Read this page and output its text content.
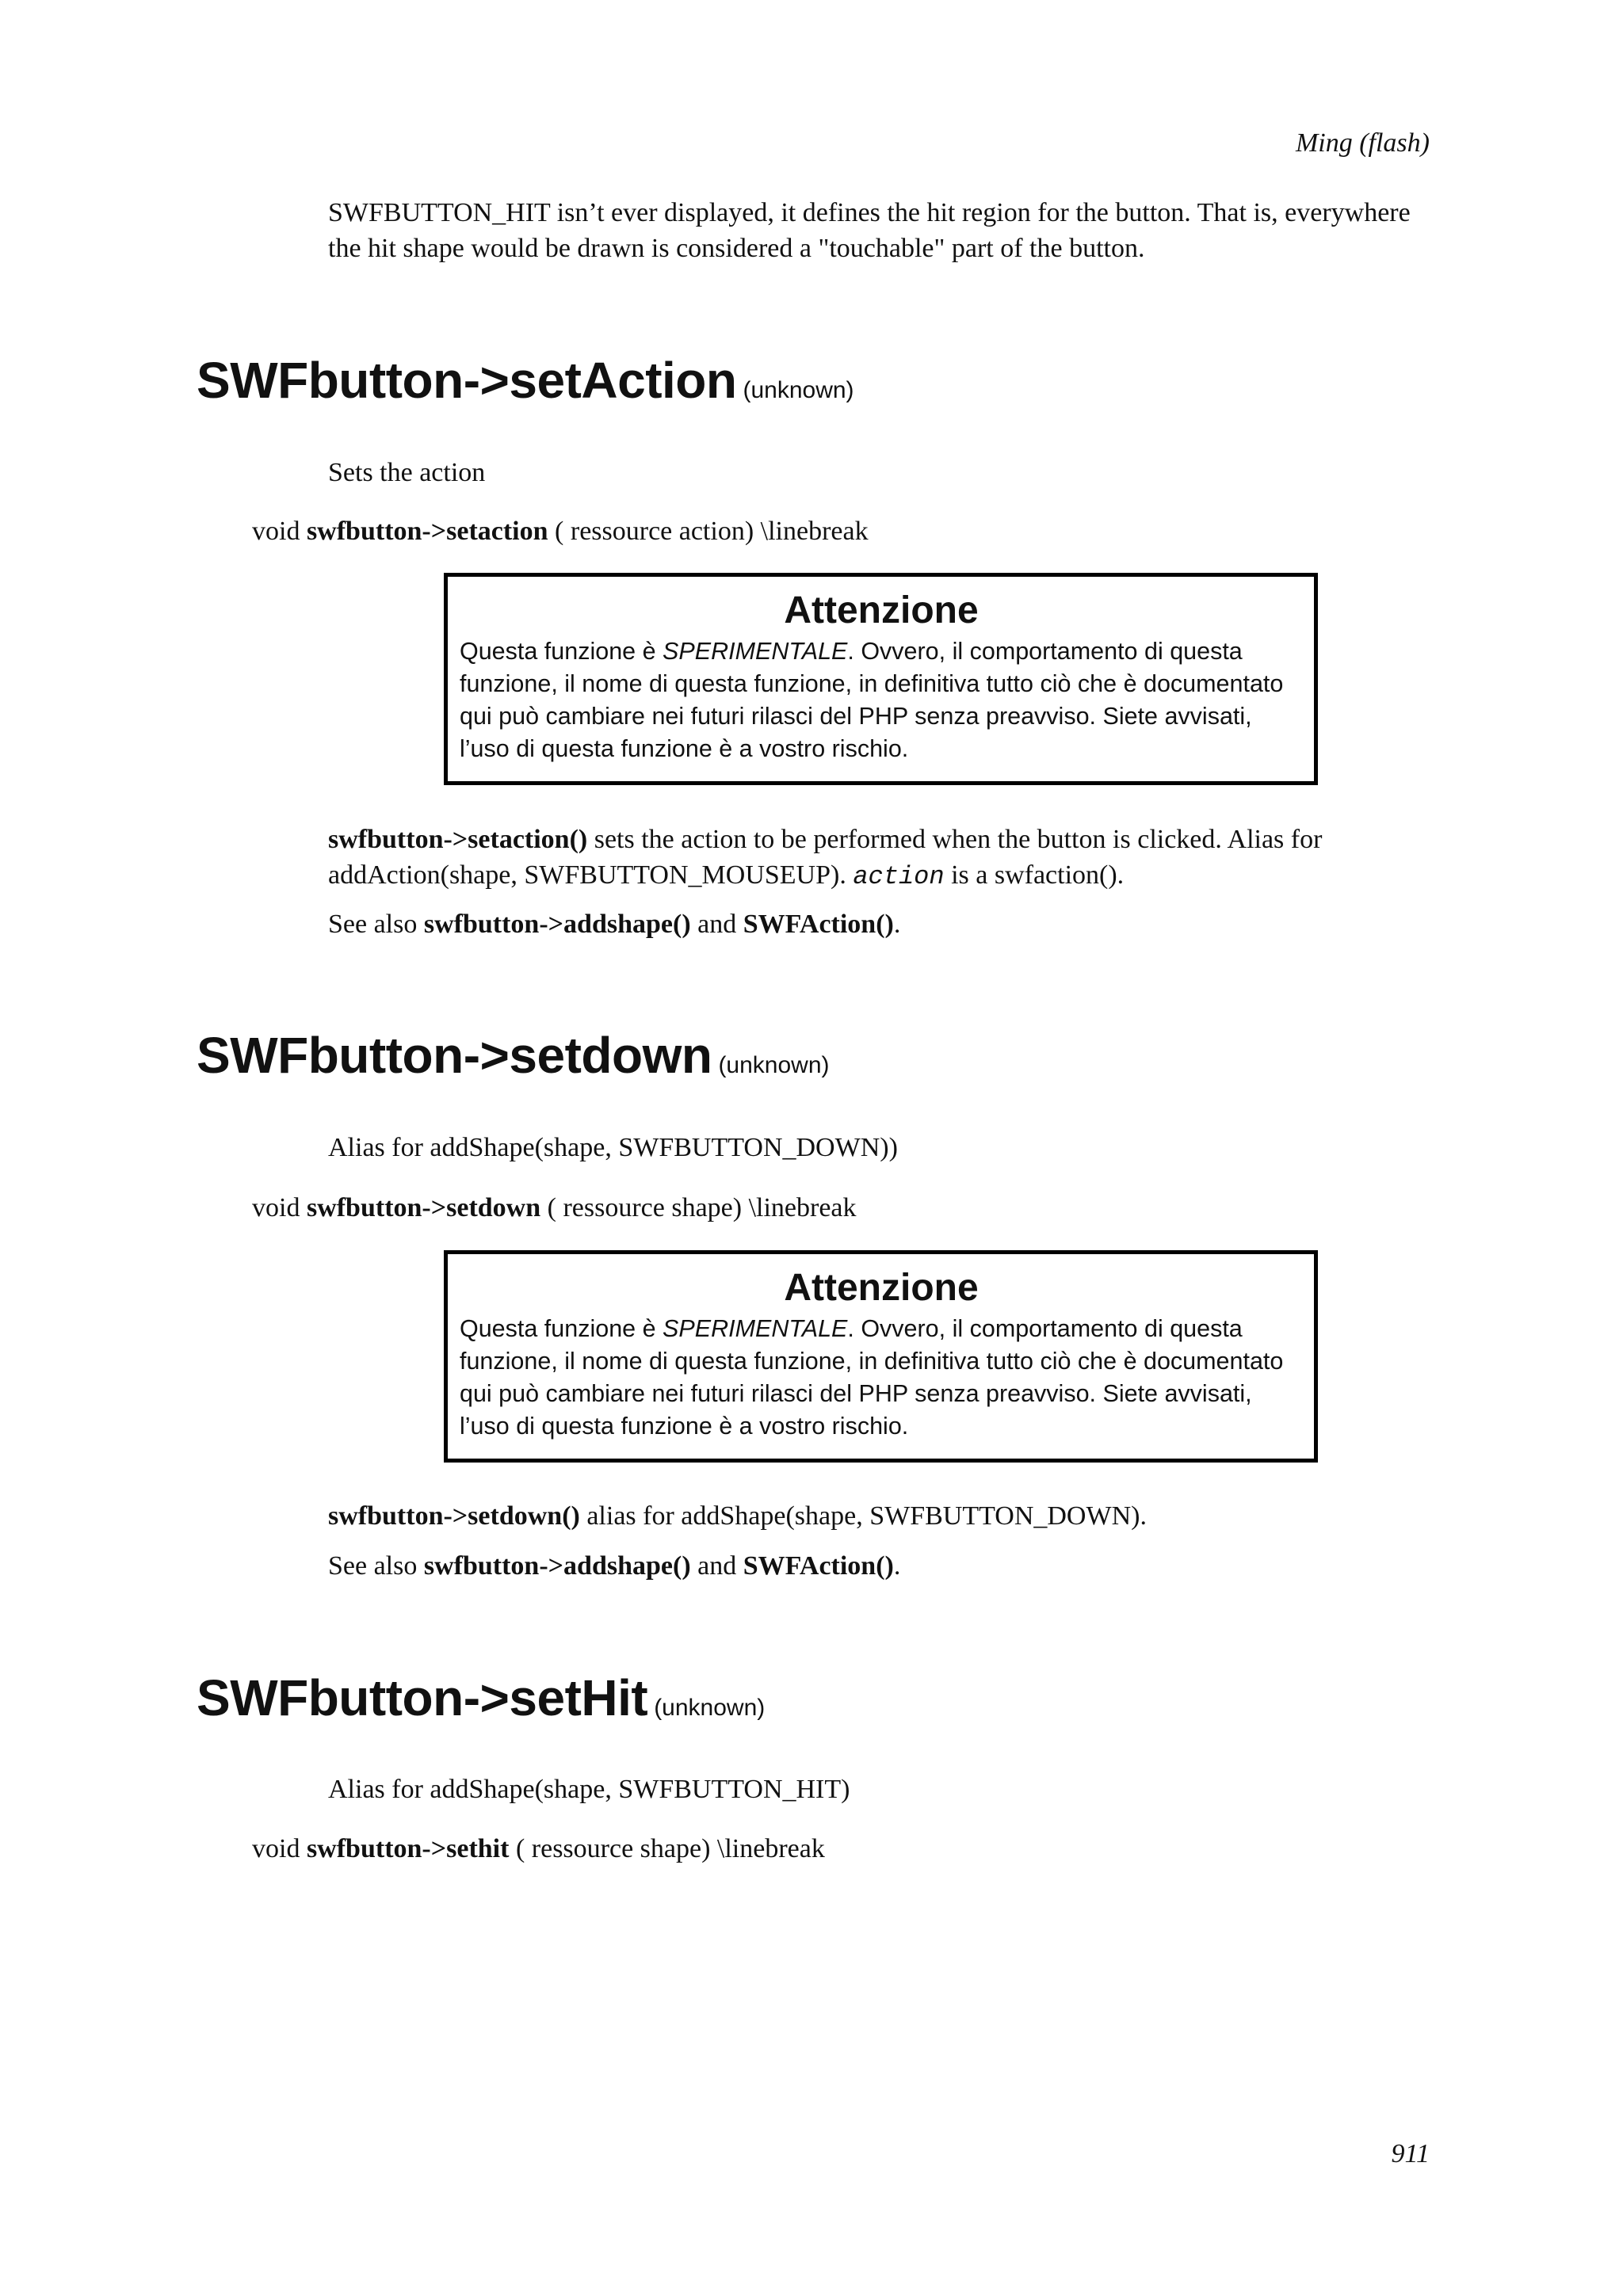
Ming (flash)
SWFBUTTON_HIT isn’t ever displayed, it defines the hit region for the button. That is, everywhere
the hit shape would be drawn is considered a "touchable" part of the button.
SWFbutton->setAction (unknown)
Sets the action
void swfbutton->setaction ( ressource action) \linebreak
Attenzione
Questa funzione è SPERIMENTALE. Ovvero, il comportamento di questa
funzione, il nome di questa funzione, in definitiva tutto ciò che è documentato
qui può cambiare nei futuri rilasci del PHP senza preavviso. Siete avvisati,
l’uso di questa funzione è a vostro rischio.
swfbutton->setaction() sets the action to be performed when the button is clicked. Alias for
addAction(shape, SWFBUTTON_MOUSEUP). action is a swfaction().
See also swfbutton->addshape() and SWFAction().
SWFbutton->setdown (unknown)
Alias for addShape(shape, SWFBUTTON_DOWN))
void swfbutton->setdown ( ressource shape) \linebreak
Attenzione
Questa funzione è SPERIMENTALE. Ovvero, il comportamento di questa
funzione, il nome di questa funzione, in definitiva tutto ciò che è documentato
qui può cambiare nei futuri rilasci del PHP senza preavviso. Siete avvisati,
l’uso di questa funzione è a vostro rischio.
swfbutton->setdown() alias for addShape(shape, SWFBUTTON_DOWN).
See also swfbutton->addshape() and SWFAction().
SWFbutton->setHit (unknown)
Alias for addShape(shape, SWFBUTTON_HIT)
void swfbutton->sethit ( ressource shape) \linebreak
911
